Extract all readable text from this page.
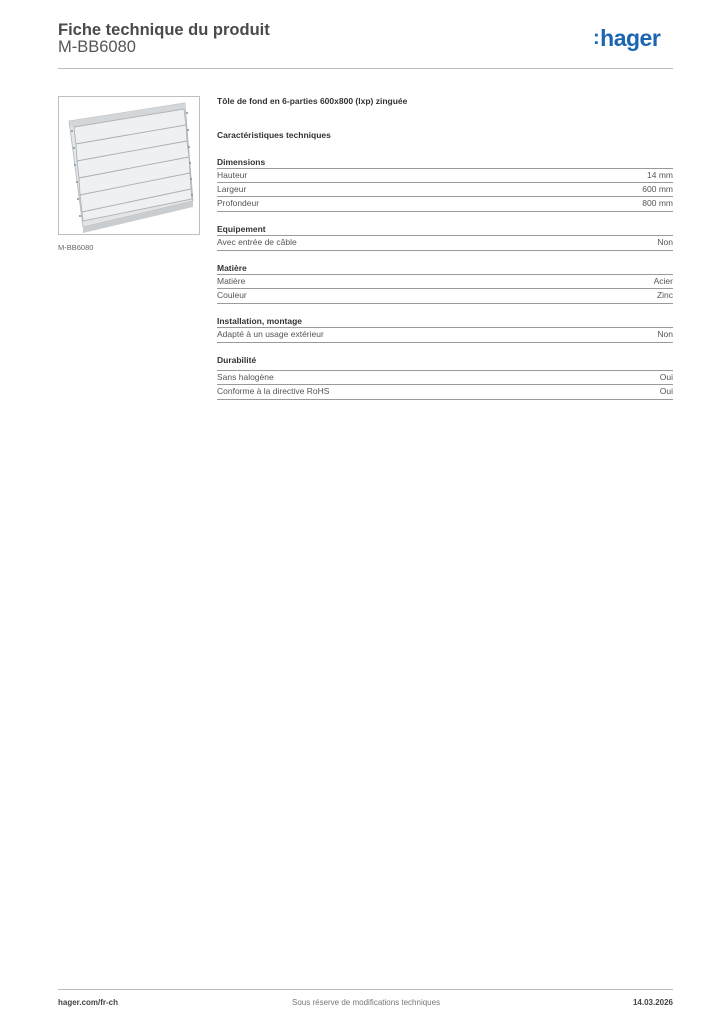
Fiche technique du produit
M-BB6080	:hager
M-BB6080
Tôle de fond en 6-parties 600x800 (lxp) zinguée
Caractéristiques techniques
Dimensions
Hauteur	14 mm
Largeur	600 mm
Profondeur	800 mm
Equipement
Avec entrée de câble	Non
Matière
Matière	Acier
Couleur	Zinc
Installation, montage
Adapté à un usage extérieur	Non
Durabilité
Sans halogène	Oui
Conforme à la directive RoHS	Oui
hager.com/fr-ch	Sous réserve de modifications techniques	14.03.2026
